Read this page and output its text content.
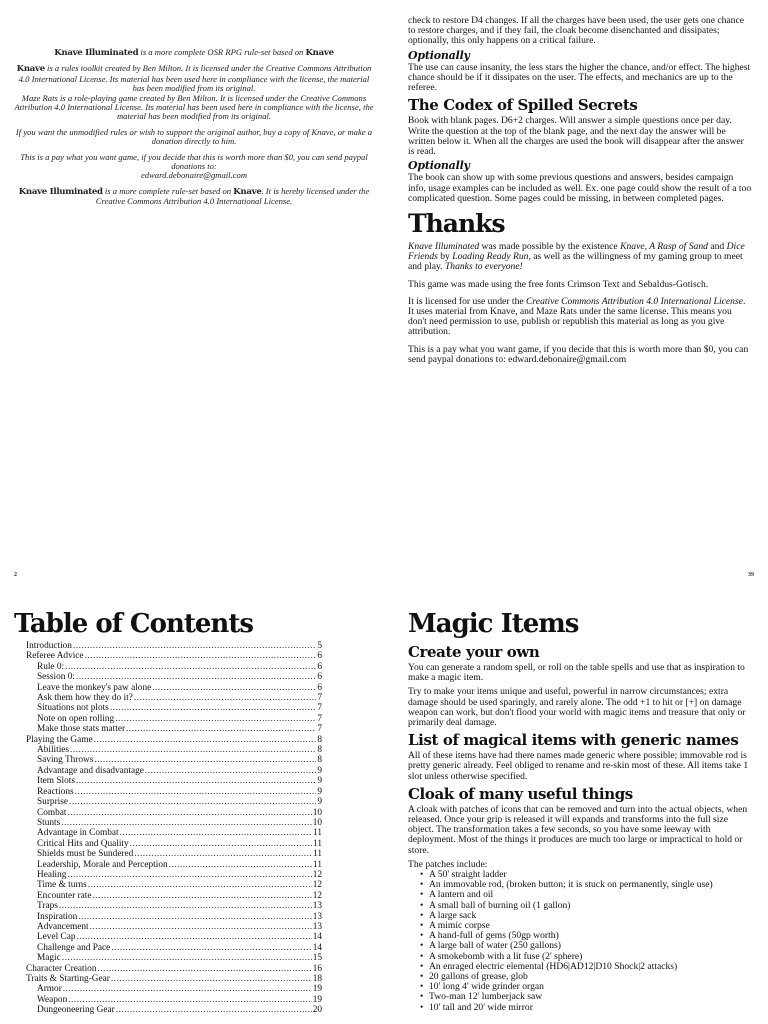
Knave Illuminated is a more complete OSR RPG rule-set based on Knave

Knave is a rules toolkit created by Ben Milton. It is licensed under the Creative Commons Attribution 4.0 International License. Its material has been used here in compliance with the license, the material has been modified from its original.

Maze Rats is a role-playing game created by Ben Milton. It is licensed under the Creative Commons Attribution 4.0 International License. Its material has been used here in compliance with the license, the material has been modified from its original.

If you want the unmodified rules or wish to support the original author, buy a copy of Knave, or make a donation directly to him.

This is a pay what you want game, if you decide that this is worth more than $0, you can send paypal donations to:

edward.debonaire@gmail.com

Knave Illuminated is a more complete rule-set based on Knave. It is hereby licensed under the Creative Commons Attribution 4.0 International License.

2

check to restore D4 changes. If all the charges have been used, the user gets one chance to restore charges, and if they fail, the cloak become disenchanted and dissipates; optionally, this only happens on a critical failure.

Optionally

The use can cause insanity, the less stars the higher the chance, and/or effect. The highest chance should be if it dissipates on the user. The effects, and mechanics are up to the referee.

The Codex of Spilled Secrets

Book with blank pages. D6+2 charges. Will answer a simple questions once per day. Write the question at the top of the blank page, and the next day the answer will be written below it. When all the charges are used the book will disappear after the answer is read.

Optionally

The book can show up with some previous questions and answers, besides campaign info, usage examples can be included as well. Ex. one page could show the result of a too complicated question. Some pages could be missing, in between completed pages.

Thanks

Knave Illuminated was made possible by the existence Knave, A Rasp of Sand and Dice Friends by Loading Ready Run, as well as the willingness of my gaming group to meet and play. Thanks to everyone!

This game was made using the free fonts Crimson Text and Sebaldus-Gotisch.

It is licensed for use under the Creative Commons Attribution 4.0 International License. It uses material from Knave, and Maze Rats under the same license. This means you don't need permission to use, publish or republish this material as long as you give attribution.

This is a pay what you want game, if you decide that this is worth more than $0, you can send paypal donations to: edward.debonaire@gmail.com

39
Table of Contents
Introduction .....	5
Referee Advice .....	6
Rule 0: .....	6
Session 0: .....	6
Leave the monkey's paw alone .....	6
Ask them how they do it? .....	7
Situations not plots .....	7
Note on open rolling .....	7
Make those stats matter .....	7
Playing the Game .....	8
Abilities .....	8
Saving Throws .....	8
Advantage and disadvantage .....	9
Item Slots .....	9
Reactions .....	9
Surprise .....	9
Combat .....	10
Stunts .....	10
Advantage in Combat .....	11
Critical Hits and Quality .....	11
Shields must be Sundered .....	11
Leadership, Morale and Perception .....	11
Healing .....	12
Time & turns .....	12
Encounter rate .....	12
Traps .....	13
Inspiration .....	13
Advancement .....	13
Level Cap .....	14
Challenge and Pace .....	14
Magic .....	15
Character Creation .....	16
Traits & Starting-Gear .....	18
Armor .....	19
Weapon .....	19
Dungeoneering Gear .....	20
Magic Items
Create your own

You can generate a random spell, or roll on the table spells and use that as inspiration to make a magic item.

Try to make your items unique and useful, powerful in narrow circumstances; extra damage should be used sparingly, and rarely alone. The odd +1 to hit or [+] on damage weapon can work, but don't flood your world with magic items and treasure that only or primarily deal damage.

List of magical items with generic names

All of these items have had there names made generic where possible; immovable rod is pretty generic already. Feel obliged to rename and re-skin most of these. All items take 1 slot unless otherwise specified.

Cloak of many useful things

A cloak with patches of icons that can be removed and turn into the actual objects, when released. Once your grip is released it will expands and transforms into the full size object. The transformation takes a few seconds, so you have some leeway with deployment. Most of the things it produces are much too large or impractical to hold or store.

The patches include:
• A 50' straight ladder
• An immovable rod, (broken button; it is stuck on permanently, single use)
• A lantern and oil
• A small ball of burning oil (1 gallon)
• A large sack
• A mimic corpse
• A hand-full of gems (50gp worth)
• A large ball of water (250 gallons)
• A smokebomb with a lit fuse (2' sphere)
• An enraged electric elemental (HD6|AD12|D10 Shock|2 attacks)
• 20 gallons of grease, glob
• 10' long 4' wide grinder organ
• Two-man 12' lumberjack saw
• 10' tall and 20' wide mirror
